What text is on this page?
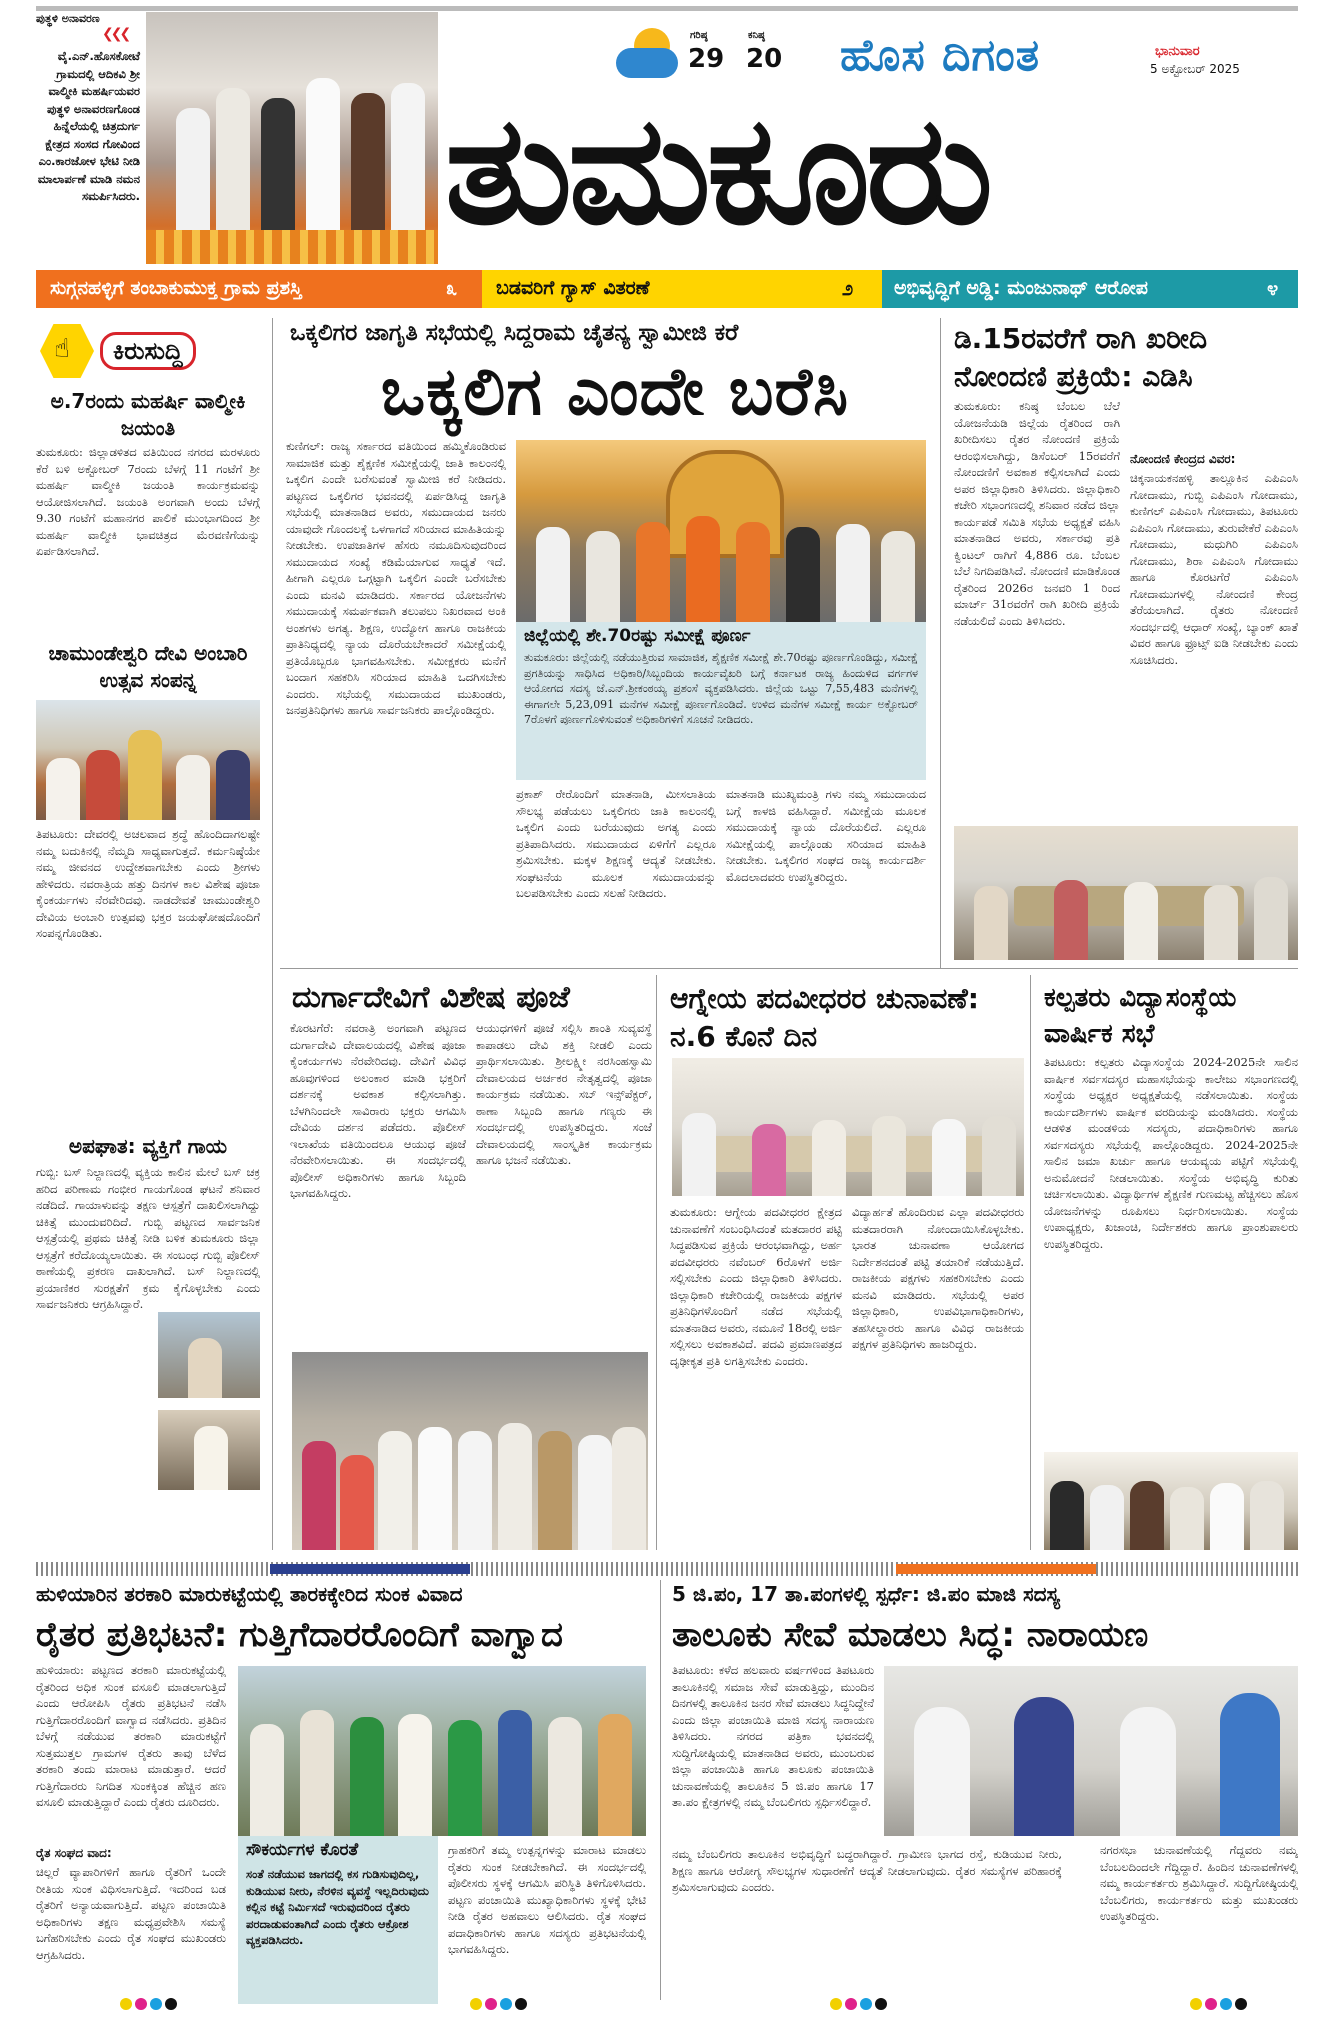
ಪುತ್ಥಳಿ ಅನಾವರಣ
❮❮❮
ವೈ.ಎನ್.ಹೊಸಕೋಟೆ ಗ್ರಾಮದಲ್ಲಿ ಆದಿಕವಿ ಶ್ರೀ ವಾಲ್ಮೀಕಿ ಮಹರ್ಷಿಯವರ ಪುತ್ಥಳಿ ಅನಾವರಣಗೊಂಡ ಹಿನ್ನೆಲೆಯಲ್ಲಿ ಚಿತ್ರದುರ್ಗ ಕ್ಷೇತ್ರದ ಸಂಸದ ಗೋವಿಂದ ಎಂ.ಕಾರಜೋಳ ಭೇಟಿ ನೀಡಿ ಮಾಲಾರ್ಪಣೆ ಮಾಡಿ ನಮನ ಸಮರ್ಪಿಸಿದರು.
ಗರಿಷ್ಠ
29
ಕನಿಷ್ಠ
20 ಹೊಸ ದಿಗಂತ	ಭಾನುವಾರ
5 ಅಕ್ಟೋಬರ್ 2025
ತುಮಕೂರು
ಸುಗ್ಗನಹಳ್ಳಿಗೆ ತಂಬಾಕುಮುಕ್ತ ಗ್ರಾಮ ಪ್ರಶಸ್ತಿ	೩ ಬಡವರಿಗೆ ಗ್ಯಾಸ್ ವಿತರಣೆ	೨ ಅಭಿವೃದ್ಧಿಗೆ ಅಡ್ಡಿ: ಮಂಜುನಾಥ್ ಆರೋಪ	೪
☝	ಕಿರುಸುದ್ದಿ
ಅ.7ರಂದು ಮಹರ್ಷಿ ವಾಲ್ಮೀಕಿ ಜಯಂತಿ
ತುಮಕೂರು: ಜಿಲ್ಲಾಡಳಿತದ ವತಿಯಿಂದ ನಗರದ ಮರಳೂರು ಕೆರೆ ಬಳಿ ಅಕ್ಟೋಬರ್ 7ರಂದು ಬೆಳಗ್ಗೆ 11 ಗಂಟೆಗೆ ಶ್ರೀ ಮಹರ್ಷಿ ವಾಲ್ಮೀಕಿ ಜಯಂತಿ ಕಾರ್ಯಕ್ರಮವನ್ನು ಆಯೋಜಿಸಲಾಗಿದೆ. ಜಯಂತಿ ಅಂಗವಾಗಿ ಅಂದು ಬೆಳಗ್ಗೆ 9.30 ಗಂಟೆಗೆ ಮಹಾನಗರ ಪಾಲಿಕೆ ಮುಂಭಾಗದಿಂದ ಶ್ರೀ ಮಹರ್ಷಿ ವಾಲ್ಮೀಕಿ ಭಾವಚಿತ್ರದ ಮೆರವಣಿಗೆಯನ್ನು ಏರ್ಪಡಿಸಲಾಗಿದೆ.
ಚಾಮುಂಡೇಶ್ವರಿ ದೇವಿ ಅಂಬಾರಿ ಉತ್ಸವ ಸಂಪನ್ನ
ತಿಪಟೂರು: ದೇವರಲ್ಲಿ ಅಚಲವಾದ ಶ್ರದ್ಧೆ ಹೊಂದಿದಾಗಲಷ್ಟೇ ನಮ್ಮ ಬದುಕಿನಲ್ಲಿ ನೆಮ್ಮದಿ ಸಾಧ್ಯವಾಗುತ್ತದೆ. ಕರ್ಮನಿಷ್ಠೆಯೇ ನಮ್ಮ ಜೀವನದ ಉದ್ದೇಶವಾಗಬೇಕು ಎಂದು ಶ್ರೀಗಳು ಹೇಳಿದರು. ನವರಾತ್ರಿಯ ಹತ್ತು ದಿನಗಳ ಕಾಲ ವಿಶೇಷ ಪೂಜಾ ಕೈಂಕರ್ಯಗಳು ನೆರವೇರಿದವು. ನಾಡದೇವತೆ ಚಾಮುಂಡೇಶ್ವರಿ ದೇವಿಯ ಅಂಬಾರಿ ಉತ್ಸವವು ಭಕ್ತರ ಜಯಘೋಷದೊಂದಿಗೆ ಸಂಪನ್ನಗೊಂಡಿತು.
ಅಪಘಾತ: ವ್ಯಕ್ತಿಗೆ ಗಾಯ
ಗುಬ್ಬಿ: ಬಸ್ ನಿಲ್ದಾಣದಲ್ಲಿ ವ್ಯಕ್ತಿಯ ಕಾಲಿನ ಮೇಲೆ ಬಸ್ ಚಕ್ರ ಹರಿದ ಪರಿಣಾಮ ಗಂಭೀರ ಗಾಯಗೊಂಡ ಘಟನೆ ಶನಿವಾರ ನಡೆದಿದೆ. ಗಾಯಾಳುವನ್ನು ತಕ್ಷಣ ಆಸ್ಪತ್ರೆಗೆ ದಾಖಲಿಸಲಾಗಿದ್ದು ಚಿಕಿತ್ಸೆ ಮುಂದುವರಿದಿದೆ. ಗುಬ್ಬಿ ಪಟ್ಟಣದ ಸಾರ್ವಜನಿಕ ಆಸ್ಪತ್ರೆಯಲ್ಲಿ ಪ್ರಥಮ ಚಿಕಿತ್ಸೆ ನೀಡಿ ಬಳಿಕ ತುಮಕೂರು ಜಿಲ್ಲಾ ಆಸ್ಪತ್ರೆಗೆ ಕರೆದೊಯ್ಯಲಾಯಿತು. ಈ ಸಂಬಂಧ ಗುಬ್ಬಿ ಪೊಲೀಸ್ ಠಾಣೆಯಲ್ಲಿ ಪ್ರಕರಣ ದಾಖಲಾಗಿದೆ. ಬಸ್ ನಿಲ್ದಾಣದಲ್ಲಿ ಪ್ರಯಾಣಿಕರ ಸುರಕ್ಷತೆಗೆ ಕ್ರಮ ಕೈಗೊಳ್ಳಬೇಕು ಎಂದು ಸಾರ್ವಜನಿಕರು ಆಗ್ರಹಿಸಿದ್ದಾರೆ.
ಒಕ್ಕಲಿಗರ ಜಾಗೃತಿ ಸಭೆಯಲ್ಲಿ ಸಿದ್ದರಾಮ ಚೈತನ್ಯ ಸ್ವಾಮೀಜಿ ಕರೆ
ಒಕ್ಕಲಿಗ ಎಂದೇ ಬರೆಸಿ
ಕುಣಿಗಲ್: ರಾಜ್ಯ ಸರ್ಕಾರದ ವತಿಯಿಂದ ಹಮ್ಮಿಕೊಂಡಿರುವ ಸಾಮಾಜಿಕ ಮತ್ತು ಶೈಕ್ಷಣಿಕ ಸಮೀಕ್ಷೆಯಲ್ಲಿ ಜಾತಿ ಕಾಲಂನಲ್ಲಿ ಒಕ್ಕಲಿಗ ಎಂದೇ ಬರೆಸುವಂತೆ ಸ್ವಾಮೀಜಿ ಕರೆ ನೀಡಿದರು. ಪಟ್ಟಣದ ಒಕ್ಕಲಿಗರ ಭವನದಲ್ಲಿ ಏರ್ಪಡಿಸಿದ್ದ ಜಾಗೃತಿ ಸಭೆಯಲ್ಲಿ ಮಾತನಾಡಿದ ಅವರು, ಸಮುದಾಯದ ಜನರು ಯಾವುದೇ ಗೊಂದಲಕ್ಕೆ ಒಳಗಾಗದೆ ಸರಿಯಾದ ಮಾಹಿತಿಯನ್ನು ನೀಡಬೇಕು. ಉಪಜಾತಿಗಳ ಹೆಸರು ನಮೂದಿಸುವುದರಿಂದ ಸಮುದಾಯದ ಸಂಖ್ಯೆ ಕಡಿಮೆಯಾಗುವ ಸಾಧ್ಯತೆ ಇದೆ. ಹೀಗಾಗಿ ಎಲ್ಲರೂ ಒಗ್ಗಟ್ಟಾಗಿ ಒಕ್ಕಲಿಗ ಎಂದೇ ಬರೆಸಬೇಕು ಎಂದು ಮನವಿ ಮಾಡಿದರು. ಸರ್ಕಾರದ ಯೋಜನೆಗಳು ಸಮುದಾಯಕ್ಕೆ ಸಮರ್ಪಕವಾಗಿ ತಲುಪಲು ನಿಖರವಾದ ಅಂಕಿ ಅಂಶಗಳು ಅಗತ್ಯ. ಶಿಕ್ಷಣ, ಉದ್ಯೋಗ ಹಾಗೂ ರಾಜಕೀಯ ಪ್ರಾತಿನಿಧ್ಯದಲ್ಲಿ ನ್ಯಾಯ ದೊರೆಯಬೇಕಾದರೆ ಸಮೀಕ್ಷೆಯಲ್ಲಿ ಪ್ರತಿಯೊಬ್ಬರೂ ಭಾಗವಹಿಸಬೇಕು. ಸಮೀಕ್ಷಕರು ಮನೆಗೆ ಬಂದಾಗ ಸಹಕರಿಸಿ ಸರಿಯಾದ ಮಾಹಿತಿ ಒದಗಿಸಬೇಕು ಎಂದರು. ಸಭೆಯಲ್ಲಿ ಸಮುದಾಯದ ಮುಖಂಡರು, ಜನಪ್ರತಿನಿಧಿಗಳು ಹಾಗೂ ಸಾರ್ವಜನಿಕರು ಪಾಲ್ಗೊಂಡಿದ್ದರು.
ಜಿಲ್ಲೆಯಲ್ಲಿ ಶೇ.70ರಷ್ಟು ಸಮೀಕ್ಷೆ ಪೂರ್ಣ
ತುಮಕೂರು: ಜಿಲ್ಲೆಯಲ್ಲಿ ನಡೆಯುತ್ತಿರುವ ಸಾಮಾಜಿಕ, ಶೈಕ್ಷಣಿಕ ಸಮೀಕ್ಷೆ ಶೇ.70ರಷ್ಟು ಪೂರ್ಣಗೊಂಡಿದ್ದು, ಸಮೀಕ್ಷೆ ಪ್ರಗತಿಯನ್ನು ಸಾಧಿಸಿದ ಅಧಿಕಾರಿ/ಸಿಬ್ಬಂದಿಯ ಕಾರ್ಯವೈಖರಿ ಬಗ್ಗೆ ಕರ್ನಾಟಕ ರಾಜ್ಯ ಹಿಂದುಳಿದ ವರ್ಗಗಳ ಆಯೋಗದ ಸದಸ್ಯ ಜೆ.ಎನ್.ಶ್ರೀಕಂಠಯ್ಯ ಪ್ರಶಂಸೆ ವ್ಯಕ್ತಪಡಿಸಿದರು. ಜಿಲ್ಲೆಯ ಒಟ್ಟು 7,55,483 ಮನೆಗಳಲ್ಲಿ ಈಗಾಗಲೇ 5,23,091 ಮನೆಗಳ ಸಮೀಕ್ಷೆ ಪೂರ್ಣಗೊಂಡಿದೆ. ಉಳಿದ ಮನೆಗಳ ಸಮೀಕ್ಷೆ ಕಾರ್ಯ ಅಕ್ಟೋಬರ್ 7ರೊಳಗೆ ಪೂರ್ಣಗೊಳಿಸುವಂತೆ ಅಧಿಕಾರಿಗಳಿಗೆ ಸೂಚನೆ ನೀಡಿದರು.
ಪ್ರಕಾಶ್ ರೇರೊಂದಿಗೆ ಮಾತನಾಡಿ, ಮೀಸಲಾತಿಯ ಸೌಲಭ್ಯ ಪಡೆಯಲು ಒಕ್ಕಲಿಗರು ಜಾತಿ ಕಾಲಂನಲ್ಲಿ ಒಕ್ಕಲಿಗ ಎಂದು ಬರೆಯುವುದು ಅಗತ್ಯ ಎಂದು ಪ್ರತಿಪಾದಿಸಿದರು. ಸಮುದಾಯದ ಏಳಿಗೆಗೆ ಎಲ್ಲರೂ ಶ್ರಮಿಸಬೇಕು. ಮಕ್ಕಳ ಶಿಕ್ಷಣಕ್ಕೆ ಆದ್ಯತೆ ನೀಡಬೇಕು. ಸಂಘಟನೆಯ ಮೂಲಕ ಸಮುದಾಯವನ್ನು ಬಲಪಡಿಸಬೇಕು ಎಂದು ಸಲಹೆ ನೀಡಿದರು.
ಮಾತನಾಡಿ ಮುಖ್ಯಮಂತ್ರಿ ಗಳು ನಮ್ಮ ಸಮುದಾಯದ ಬಗ್ಗೆ ಕಾಳಜಿ ವಹಿಸಿದ್ದಾರೆ. ಸಮೀಕ್ಷೆಯ ಮೂಲಕ ಸಮುದಾಯಕ್ಕೆ ನ್ಯಾಯ ದೊರೆಯಲಿದೆ. ಎಲ್ಲರೂ ಸಮೀಕ್ಷೆಯಲ್ಲಿ ಪಾಲ್ಗೊಂಡು ಸರಿಯಾದ ಮಾಹಿತಿ ನೀಡಬೇಕು. ಒಕ್ಕಲಿಗರ ಸಂಘದ ರಾಜ್ಯ ಕಾರ್ಯದರ್ಶಿ ಮೊದಲಾದವರು ಉಪಸ್ಥಿತರಿದ್ದರು.
ಡಿ.15ರವರೆಗೆ ರಾಗಿ ಖರೀದಿ ನೋಂದಣಿ ಪ್ರಕ್ರಿಯೆ: ಎಡಿಸಿ
ತುಮಕೂರು: ಕನಿಷ್ಠ ಬೆಂಬಲ ಬೆಲೆ ಯೋಜನೆಯಡಿ ಜಿಲ್ಲೆಯ ರೈತರಿಂದ ರಾಗಿ ಖರೀದಿಸಲು ರೈತರ ನೋಂದಣಿ ಪ್ರಕ್ರಿಯೆ ಆರಂಭಿಸಲಾಗಿದ್ದು, ಡಿಸೆಂಬರ್ 15ರವರೆಗೆ ನೋಂದಣಿಗೆ ಅವಕಾಶ ಕಲ್ಪಿಸಲಾಗಿದೆ ಎಂದು ಅಪರ ಜಿಲ್ಲಾಧಿಕಾರಿ ತಿಳಿಸಿದರು. ಜಿಲ್ಲಾಧಿಕಾರಿ ಕಚೇರಿ ಸಭಾಂಗಣದಲ್ಲಿ ಶನಿವಾರ ನಡೆದ ಜಿಲ್ಲಾ ಕಾರ್ಯಪಡೆ ಸಮಿತಿ ಸಭೆಯ ಅಧ್ಯಕ್ಷತೆ ವಹಿಸಿ ಮಾತನಾಡಿದ ಅವರು, ಸರ್ಕಾರವು ಪ್ರತಿ ಕ್ವಿಂಟಲ್ ರಾಗಿಗೆ 4,886 ರೂ. ಬೆಂಬಲ ಬೆಲೆ ನಿಗದಿಪಡಿಸಿದೆ. ನೋಂದಣಿ ಮಾಡಿಕೊಂಡ ರೈತರಿಂದ 2026ರ ಜನವರಿ 1 ರಿಂದ ಮಾರ್ಚ್ 31ರವರೆಗೆ ರಾಗಿ ಖರೀದಿ ಪ್ರಕ್ರಿಯೆ ನಡೆಯಲಿದೆ ಎಂದು ತಿಳಿಸಿದರು.
ನೋಂದಣಿ ಕೇಂದ್ರದ ವಿವರ:
ಚಿಕ್ಕನಾಯಕನಹಳ್ಳಿ ತಾಲ್ಲೂಕಿನ ಎಪಿಎಂಸಿ ಗೋದಾಮು, ಗುಬ್ಬಿ ಎಪಿಎಂಸಿ ಗೋದಾಮು, ಕುಣಿಗಲ್ ಎಪಿಎಂಸಿ ಗೋದಾಮು, ತಿಪಟೂರು ಎಪಿಎಂಸಿ ಗೋದಾಮು, ತುರುವೇಕೆರೆ ಎಪಿಎಂಸಿ ಗೋದಾಮು, ಮಧುಗಿರಿ ಎಪಿಎಂಸಿ ಗೋದಾಮು, ಶಿರಾ ಎಪಿಎಂಸಿ ಗೋದಾಮು ಹಾಗೂ ಕೊರಟಗೆರೆ ಎಪಿಎಂಸಿ ಗೋದಾಮುಗಳಲ್ಲಿ ನೋಂದಣಿ ಕೇಂದ್ರ ತೆರೆಯಲಾಗಿದೆ. ರೈತರು ನೋಂದಣಿ ಸಂದರ್ಭದಲ್ಲಿ ಆಧಾರ್ ಸಂಖ್ಯೆ, ಬ್ಯಾಂಕ್ ಖಾತೆ ವಿವರ ಹಾಗೂ ಫ್ರೂಟ್ಸ್ ಐಡಿ ನೀಡಬೇಕು ಎಂದು ಸೂಚಿಸಿದರು.
ದುರ್ಗಾದೇವಿಗೆ ವಿಶೇಷ ಪೂಜೆ
ಕೊರಟಗೆರೆ: ನವರಾತ್ರಿ ಅಂಗವಾಗಿ ಪಟ್ಟಣದ ದುರ್ಗಾದೇವಿ ದೇವಾಲಯದಲ್ಲಿ ವಿಶೇಷ ಪೂಜಾ ಕೈಂಕರ್ಯಗಳು ನೆರವೇರಿದವು. ದೇವಿಗೆ ವಿವಿಧ ಹೂವುಗಳಿಂದ ಅಲಂಕಾರ ಮಾಡಿ ಭಕ್ತರಿಗೆ ದರ್ಶನಕ್ಕೆ ಅವಕಾಶ ಕಲ್ಪಿಸಲಾಗಿತ್ತು. ಬೆಳಗಿನಿಂದಲೇ ಸಾವಿರಾರು ಭಕ್ತರು ಆಗಮಿಸಿ ದೇವಿಯ ದರ್ಶನ ಪಡೆದರು. ಪೊಲೀಸ್ ಇಲಾಖೆಯ ವತಿಯಿಂದಲೂ ಆಯುಧ ಪೂಜೆ ನೆರವೇರಿಸಲಾಯಿತು. ಈ ಸಂದರ್ಭದಲ್ಲಿ ಪೊಲೀಸ್ ಅಧಿಕಾರಿಗಳು ಹಾಗೂ ಸಿಬ್ಬಂದಿ ಭಾಗವಹಿಸಿದ್ದರು.
ಆಯುಧಗಳಿಗೆ ಪೂಜೆ ಸಲ್ಲಿಸಿ ಶಾಂತಿ ಸುವ್ಯವಸ್ಥೆ ಕಾಪಾಡಲು ದೇವಿ ಶಕ್ತಿ ನೀಡಲಿ ಎಂದು ಪ್ರಾರ್ಥಿಸಲಾಯಿತು. ಶ್ರೀಲಕ್ಷ್ಮೀ ನರಸಿಂಹಸ್ವಾಮಿ ದೇವಾಲಯದ ಅರ್ಚಕರ ನೇತೃತ್ವದಲ್ಲಿ ಪೂಜಾ ಕಾರ್ಯಕ್ರಮ ನಡೆಯಿತು. ಸಬ್ ಇನ್ಸ್‌ಪೆಕ್ಟರ್, ಠಾಣಾ ಸಿಬ್ಬಂದಿ ಹಾಗೂ ಗಣ್ಯರು ಈ ಸಂದರ್ಭದಲ್ಲಿ ಉಪಸ್ಥಿತರಿದ್ದರು. ಸಂಜೆ ದೇವಾಲಯದಲ್ಲಿ ಸಾಂಸ್ಕೃತಿಕ ಕಾರ್ಯಕ್ರಮ ಹಾಗೂ ಭಜನೆ ನಡೆಯಿತು.
ಆಗ್ನೇಯ ಪದವೀಧರರ ಚುನಾವಣೆ: ನ.6 ಕೊನೆ ದಿನ
ತುಮಕೂರು: ಆಗ್ನೇಯ ಪದವೀಧರರ ಕ್ಷೇತ್ರದ ಚುನಾವಣೆಗೆ ಸಂಬಂಧಿಸಿದಂತೆ ಮತದಾರರ ಪಟ್ಟಿ ಸಿದ್ಧಪಡಿಸುವ ಪ್ರಕ್ರಿಯೆ ಆರಂಭವಾಗಿದ್ದು, ಅರ್ಹ ಪದವೀಧರರು ನವೆಂಬರ್ 6ರೊಳಗೆ ಅರ್ಜಿ ಸಲ್ಲಿಸಬೇಕು ಎಂದು ಜಿಲ್ಲಾಧಿಕಾರಿ ತಿಳಿಸಿದರು. ಜಿಲ್ಲಾಧಿಕಾರಿ ಕಚೇರಿಯಲ್ಲಿ ರಾಜಕೀಯ ಪಕ್ಷಗಳ ಪ್ರತಿನಿಧಿಗಳೊಂದಿಗೆ ನಡೆದ ಸಭೆಯಲ್ಲಿ ಮಾತನಾಡಿದ ಅವರು, ನಮೂನೆ 18ರಲ್ಲಿ ಅರ್ಜಿ ಸಲ್ಲಿಸಲು ಅವಕಾಶವಿದೆ. ಪದವಿ ಪ್ರಮಾಣಪತ್ರದ ದೃಢೀಕೃತ ಪ್ರತಿ ಲಗತ್ತಿಸಬೇಕು ಎಂದರು.
ವಿದ್ಯಾರ್ಹತೆ ಹೊಂದಿರುವ ಎಲ್ಲಾ ಪದವೀಧರರು ಮತದಾರರಾಗಿ ನೋಂದಾಯಿಸಿಕೊಳ್ಳಬೇಕು. ಭಾರತ ಚುನಾವಣಾ ಆಯೋಗದ ನಿರ್ದೇಶನದಂತೆ ಪಟ್ಟಿ ತಯಾರಿಕೆ ನಡೆಯುತ್ತಿದೆ. ರಾಜಕೀಯ ಪಕ್ಷಗಳು ಸಹಕರಿಸಬೇಕು ಎಂದು ಮನವಿ ಮಾಡಿದರು. ಸಭೆಯಲ್ಲಿ ಅಪರ ಜಿಲ್ಲಾಧಿಕಾರಿ, ಉಪವಿಭಾಗಾಧಿಕಾರಿಗಳು, ತಹಸೀಲ್ದಾರರು ಹಾಗೂ ವಿವಿಧ ರಾಜಕೀಯ ಪಕ್ಷಗಳ ಪ್ರತಿನಿಧಿಗಳು ಹಾಜರಿದ್ದರು.
ಕಲ್ಪತರು ವಿದ್ಯಾಸಂಸ್ಥೆಯ ವಾರ್ಷಿಕ ಸಭೆ
ತಿಪಟೂರು: ಕಲ್ಪತರು ವಿದ್ಯಾಸಂಸ್ಥೆಯ 2024-2025ನೇ ಸಾಲಿನ ವಾರ್ಷಿಕ ಸರ್ವಸದಸ್ಯರ ಮಹಾಸಭೆಯನ್ನು ಕಾಲೇಜು ಸಭಾಂಗಣದಲ್ಲಿ ಸಂಸ್ಥೆಯ ಅಧ್ಯಕ್ಷರ ಅಧ್ಯಕ್ಷತೆಯಲ್ಲಿ ನಡೆಸಲಾಯಿತು. ಸಂಸ್ಥೆಯ ಕಾರ್ಯದರ್ಶಿಗಳು ವಾರ್ಷಿಕ ವರದಿಯನ್ನು ಮಂಡಿಸಿದರು. ಸಂಸ್ಥೆಯ ಆಡಳಿತ ಮಂಡಳಿಯ ಸದಸ್ಯರು, ಪದಾಧಿಕಾರಿಗಳು ಹಾಗೂ ಸರ್ವಸದಸ್ಯರು ಸಭೆಯಲ್ಲಿ ಪಾಲ್ಗೊಂಡಿದ್ದರು. 2024-2025ನೇ ಸಾಲಿನ ಜಮಾ ಖರ್ಚು ಹಾಗೂ ಆಯವ್ಯಯ ಪಟ್ಟಿಗೆ ಸಭೆಯಲ್ಲಿ ಅನುಮೋದನೆ ನೀಡಲಾಯಿತು. ಸಂಸ್ಥೆಯ ಅಭಿವೃದ್ಧಿ ಕುರಿತು ಚರ್ಚಿಸಲಾಯಿತು. ವಿದ್ಯಾರ್ಥಿಗಳ ಶೈಕ್ಷಣಿಕ ಗುಣಮಟ್ಟ ಹೆಚ್ಚಿಸಲು ಹೊಸ ಯೋಜನೆಗಳನ್ನು ರೂಪಿಸಲು ನಿರ್ಧರಿಸಲಾಯಿತು. ಸಂಸ್ಥೆಯ ಉಪಾಧ್ಯಕ್ಷರು, ಖಜಾಂಚಿ, ನಿರ್ದೇಶಕರು ಹಾಗೂ ಪ್ರಾಂಶುಪಾಲರು ಉಪಸ್ಥಿತರಿದ್ದರು.
ಹುಳಿಯಾರಿನ ತರಕಾರಿ ಮಾರುಕಟ್ಟೆಯಲ್ಲಿ ತಾರಕಕ್ಕೇರಿದ ಸುಂಕ ವಿವಾದ
ರೈತರ ಪ್ರತಿಭಟನೆ: ಗುತ್ತಿಗೆದಾರರೊಂದಿಗೆ ವಾಗ್ವಾದ
ಹುಳಿಯಾರು: ಪಟ್ಟಣದ ತರಕಾರಿ ಮಾರುಕಟ್ಟೆಯಲ್ಲಿ ರೈತರಿಂದ ಅಧಿಕ ಸುಂಕ ವಸೂಲಿ ಮಾಡಲಾಗುತ್ತಿದೆ ಎಂದು ಆರೋಪಿಸಿ ರೈತರು ಪ್ರತಿಭಟನೆ ನಡೆಸಿ ಗುತ್ತಿಗೆದಾರರೊಂದಿಗೆ ವಾಗ್ವಾದ ನಡೆಸಿದರು. ಪ್ರತಿದಿನ ಬೆಳಗ್ಗೆ ನಡೆಯುವ ತರಕಾರಿ ಮಾರುಕಟ್ಟೆಗೆ ಸುತ್ತಮುತ್ತಲ ಗ್ರಾಮಗಳ ರೈತರು ತಾವು ಬೆಳೆದ ತರಕಾರಿ ತಂದು ಮಾರಾಟ ಮಾಡುತ್ತಾರೆ. ಆದರೆ ಗುತ್ತಿಗೆದಾರರು ನಿಗದಿತ ಸುಂಕಕ್ಕಿಂತ ಹೆಚ್ಚಿನ ಹಣ ವಸೂಲಿ ಮಾಡುತ್ತಿದ್ದಾರೆ ಎಂದು ರೈತರು ದೂರಿದರು.
ರೈತ ಸಂಘದ ವಾದ:
ಚಿಲ್ಲರೆ ವ್ಯಾಪಾರಿಗಳಿಗೆ ಹಾಗೂ ರೈತರಿಗೆ ಒಂದೇ ರೀತಿಯ ಸುಂಕ ವಿಧಿಸಲಾಗುತ್ತಿದೆ. ಇದರಿಂದ ಬಡ ರೈತರಿಗೆ ಅನ್ಯಾಯವಾಗುತ್ತಿದೆ. ಪಟ್ಟಣ ಪಂಚಾಯಿತಿ ಅಧಿಕಾರಿಗಳು ತಕ್ಷಣ ಮಧ್ಯಪ್ರವೇಶಿಸಿ ಸಮಸ್ಯೆ ಬಗೆಹರಿಸಬೇಕು ಎಂದು ರೈತ ಸಂಘದ ಮುಖಂಡರು ಆಗ್ರಹಿಸಿದರು.
ಸೌಕರ್ಯಗಳ ಕೊರತೆ
ಸಂತೆ ನಡೆಯುವ ಜಾಗದಲ್ಲಿ ಕಸ ಗುಡಿಸುವುದಿಲ್ಲ, ಕುಡಿಯುವ ನೀರು, ನೆರಳಿನ ವ್ಯವಸ್ಥೆ ಇಲ್ಲದಿರುವುದು ಕಲ್ಲಿನ ಕಟ್ಟೆ ನಿರ್ಮಿಸದೆ ಇರುವುದರಿಂದ ರೈತರು ಪರದಾಡುವಂತಾಗಿದೆ ಎಂದು ರೈತರು ಆಕ್ರೋಶ ವ್ಯಕ್ತಪಡಿಸಿದರು.
ಗ್ರಾಹಕರಿಗೆ ತಮ್ಮ ಉತ್ಪನ್ನಗಳನ್ನು ಮಾರಾಟ ಮಾಡಲು ರೈತರು ಸುಂಕ ನೀಡಬೇಕಾಗಿದೆ. ಈ ಸಂದರ್ಭದಲ್ಲಿ ಪೊಲೀಸರು ಸ್ಥಳಕ್ಕೆ ಆಗಮಿಸಿ ಪರಿಸ್ಥಿತಿ ತಿಳಿಗೊಳಿಸಿದರು. ಪಟ್ಟಣ ಪಂಚಾಯಿತಿ ಮುಖ್ಯಾಧಿಕಾರಿಗಳು ಸ್ಥಳಕ್ಕೆ ಭೇಟಿ ನೀಡಿ ರೈತರ ಅಹವಾಲು ಆಲಿಸಿದರು. ರೈತ ಸಂಘದ ಪದಾಧಿಕಾರಿಗಳು ಹಾಗೂ ಸದಸ್ಯರು ಪ್ರತಿಭಟನೆಯಲ್ಲಿ ಭಾಗವಹಿಸಿದ್ದರು.
5 ಜಿ.ಪಂ, 17 ತಾ.ಪಂಗಳಲ್ಲಿ ಸ್ಪರ್ಧೆ: ಜಿ.ಪಂ ಮಾಜಿ ಸದಸ್ಯ
ತಾಲೂಕು ಸೇವೆ ಮಾಡಲು ಸಿದ್ಧ: ನಾರಾಯಣ
ತಿಪಟೂರು: ಕಳೆದ ಹಲವಾರು ವರ್ಷಗಳಿಂದ ತಿಪಟೂರು ತಾಲೂಕಿನಲ್ಲಿ ಸಮಾಜ ಸೇವೆ ಮಾಡುತ್ತಿದ್ದು, ಮುಂದಿನ ದಿನಗಳಲ್ಲಿ ತಾಲೂಕಿನ ಜನರ ಸೇವೆ ಮಾಡಲು ಸಿದ್ಧನಿದ್ದೇನೆ ಎಂದು ಜಿಲ್ಲಾ ಪಂಚಾಯಿತಿ ಮಾಜಿ ಸದಸ್ಯ ನಾರಾಯಣ ತಿಳಿಸಿದರು. ನಗರದ ಪತ್ರಿಕಾ ಭವನದಲ್ಲಿ ಸುದ್ದಿಗೋಷ್ಠಿಯಲ್ಲಿ ಮಾತನಾಡಿದ ಅವರು, ಮುಂಬರುವ ಜಿಲ್ಲಾ ಪಂಚಾಯಿತಿ ಹಾಗೂ ತಾಲೂಕು ಪಂಚಾಯಿತಿ ಚುನಾವಣೆಯಲ್ಲಿ ತಾಲೂಕಿನ 5 ಜಿ.ಪಂ ಹಾಗೂ 17 ತಾ.ಪಂ ಕ್ಷೇತ್ರಗಳಲ್ಲಿ ನಮ್ಮ ಬೆಂಬಲಿಗರು ಸ್ಪರ್ಧಿಸಲಿದ್ದಾರೆ.
ನಮ್ಮ ಬೆಂಬಲಿಗರು ತಾಲೂಕಿನ ಅಭಿವೃದ್ಧಿಗೆ ಬದ್ಧರಾಗಿದ್ದಾರೆ. ಗ್ರಾಮೀಣ ಭಾಗದ ರಸ್ತೆ, ಕುಡಿಯುವ ನೀರು, ಶಿಕ್ಷಣ ಹಾಗೂ ಆರೋಗ್ಯ ಸೌಲಭ್ಯಗಳ ಸುಧಾರಣೆಗೆ ಆದ್ಯತೆ ನೀಡಲಾಗುವುದು. ರೈತರ ಸಮಸ್ಯೆಗಳ ಪರಿಹಾರಕ್ಕೆ ಶ್ರಮಿಸಲಾಗುವುದು ಎಂದರು.
ನಗರಸಭಾ ಚುನಾವಣೆಯಲ್ಲಿ ಗೆದ್ದವರು ನಮ್ಮ ಬೆಂಬಲದಿಂದಲೇ ಗೆದ್ದಿದ್ದಾರೆ. ಹಿಂದಿನ ಚುನಾವಣೆಗಳಲ್ಲಿ ನಮ್ಮ ಕಾರ್ಯಕರ್ತರು ಶ್ರಮಿಸಿದ್ದಾರೆ. ಸುದ್ದಿಗೋಷ್ಠಿಯಲ್ಲಿ ಬೆಂಬಲಿಗರು, ಕಾರ್ಯಕರ್ತರು ಮತ್ತು ಮುಖಂಡರು ಉಪಸ್ಥಿತರಿದ್ದರು.
